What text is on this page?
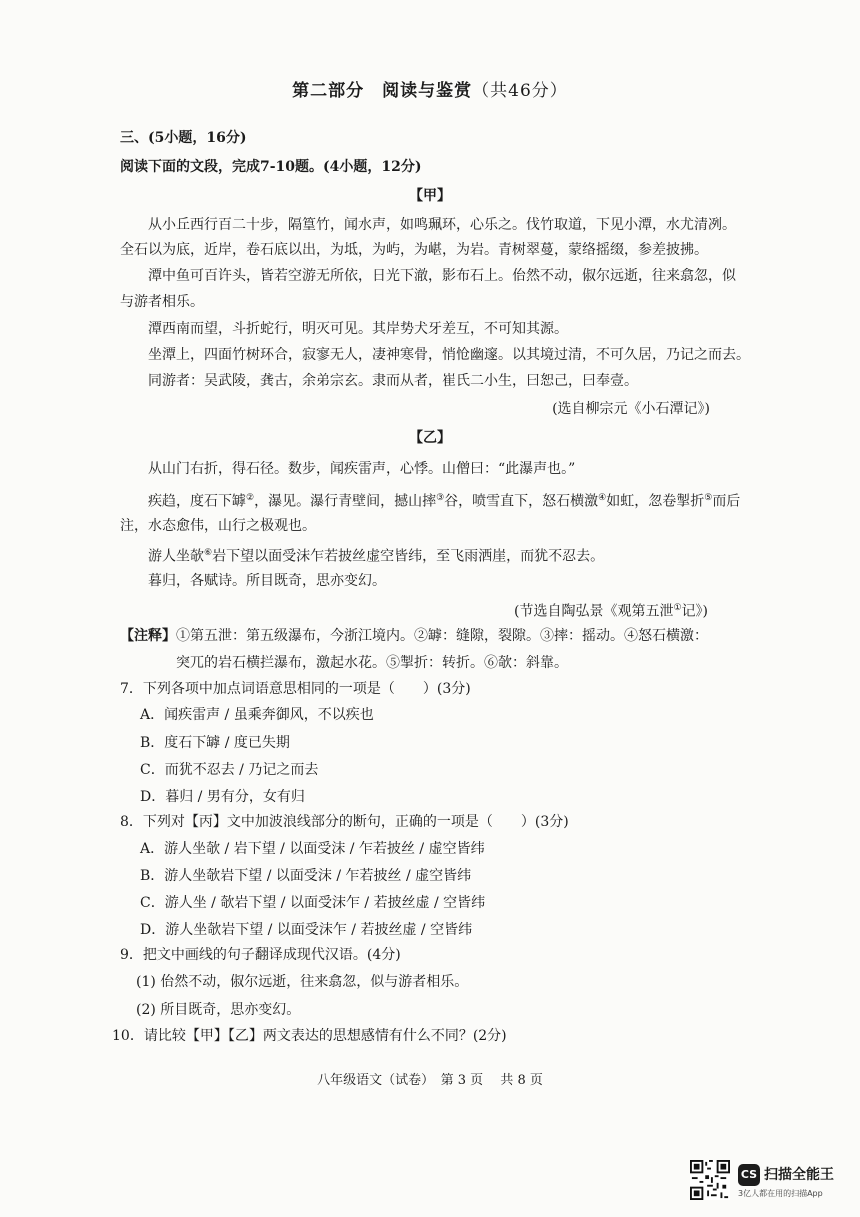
第二部分　阅读与鉴赏（共46分）
三、(5小题，16分)
阅读下面的文段，完成7-10题。(4小题，12分)
【甲】
从小丘西行百二十步，隔篁竹，闻水声，如鸣珮环，心乐之。伐竹取道，下见小潭，水尤清冽。
全石以为底，近岸，卷石底以出，为坻，为屿，为嵁，为岩。青树翠蔓，蒙络摇缀，参差披拂。
潭中鱼可百许头，皆若空游无所依，日光下澈，影布石上。佁然不动，俶尔远逝，往来翕忽，似
与游者相乐。
潭西南而望，斗折蛇行，明灭可见。其岸势犬牙差互，不可知其源。
坐潭上，四面竹树环合，寂寥无人，凄神寒骨，悄怆幽邃。以其境过清，不可久居，乃记之而去。
同游者：吴武陵，龚古，余弟宗玄。隶而从者，崔氏二小生，曰恕己，曰奉壹。
(选自柳宗元《小石潭记》)
【乙】
从山门右折，得石径。数步，闻疾雷声，心悸。山僧曰：“此瀑声也。”
疾趋，度石下罅②，瀑见。瀑行青壁间，撼山摔③谷，喷雪直下，怒石横激④如虹，忽卷掣折⑤而后
注，水态愈伟，山行之极观也。
游人坐欹⑥岩下望以面受沫乍若披丝虚空皆纬，至飞雨洒崖，而犹不忍去。
暮归，各赋诗。所目既奇，思亦变幻。
(节选自陶弘景《观第五泄①记》)
【注释】①第五泄：第五级瀑布，今浙江境内。②罅：缝隙，裂隙。③摔：摇动。④怒石横激：
突兀的岩石横拦瀑布，激起水花。⑤掣折：转折。⑥欹：斜靠。
7．下列各项中加点词语意思相同的一项是（　　）(3分)
A．闻疾雷声 / 虽乘奔御风，不以疾也
B．度石下罅 / 度已失期
C．而犹不忍去 / 乃记之而去
D．暮归 / 男有分，女有归
8．下列对【丙】文中加波浪线部分的断句，正确的一项是（　　）(3分)
A．游人坐欹 / 岩下望 / 以面受沫 / 乍若披丝 / 虚空皆纬
B．游人坐欹岩下望 / 以面受沫 / 乍若披丝 / 虚空皆纬
C．游人坐 / 欹岩下望 / 以面受沫乍 / 若披丝虚 / 空皆纬
D．游人坐欹岩下望 / 以面受沫乍 / 若披丝虚 / 空皆纬
9．把文中画线的句子翻译成现代汉语。(4分)
(1) 佁然不动，俶尔远逝，往来翕忽，似与游者相乐。
(2) 所目既奇，思亦变幻。
10．请比较【甲】【乙】两文表达的思想感情有什么不同？(2分)
八年级语文（试卷）　第 3 页　 共 8 页
CS 扫描全能王
3亿人都在用的扫描App
